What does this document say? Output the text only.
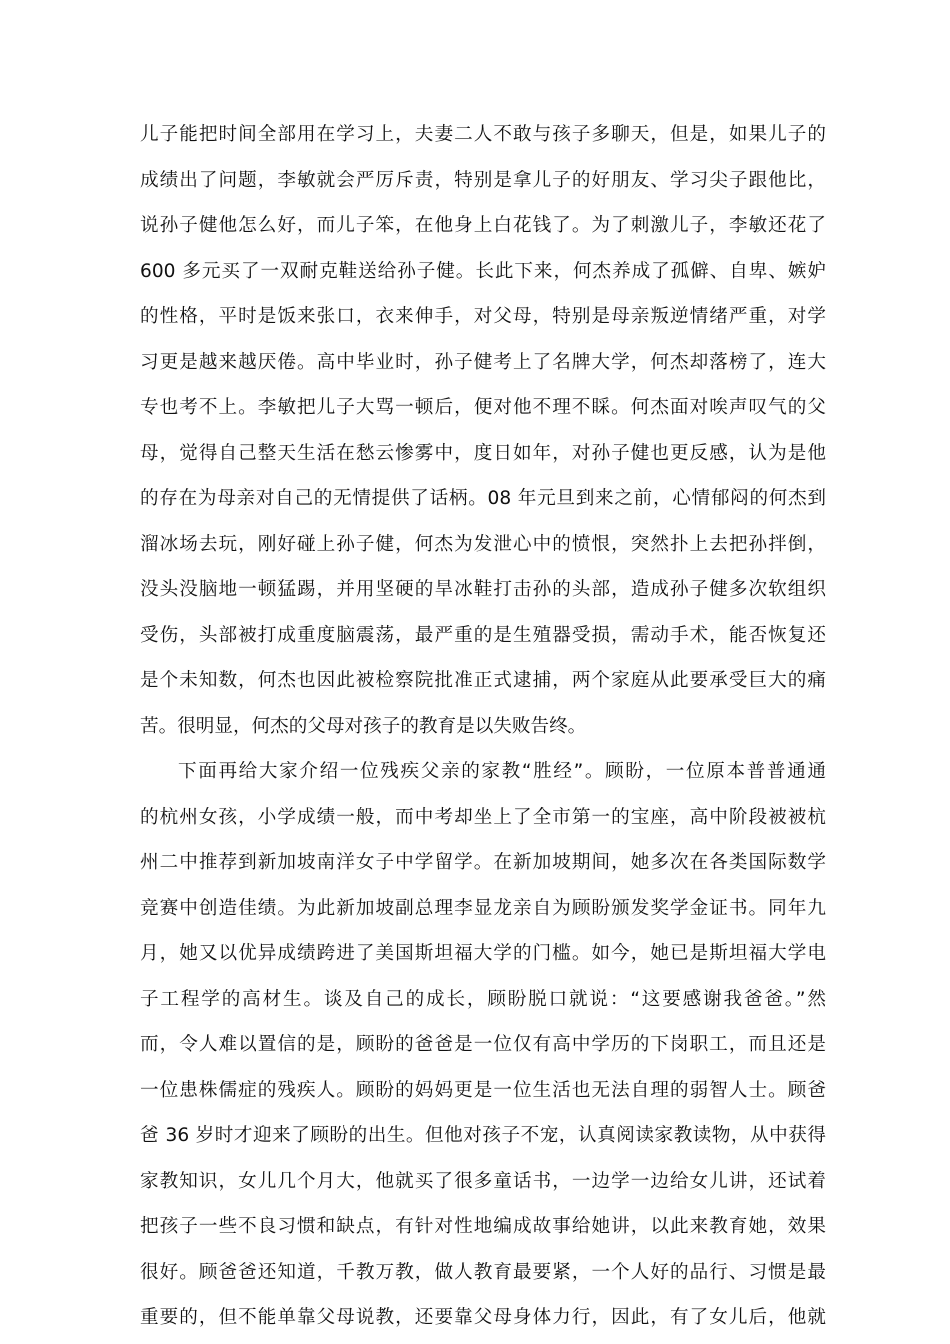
儿子能把时间全部用在学习上，夫妻二人不敢与孩子多聊天，但是，如果儿子的
成绩出了问题，李敏就会严厉斥责，特别是拿儿子的好朋友、学习尖子跟他比，
说孙子健他怎么好，而儿子笨，在他身上白花钱了。为了刺激儿子，李敏还花了
600 多元买了一双耐克鞋送给孙子健。长此下来，何杰养成了孤僻、自卑、嫉妒
的性格，平时是饭来张口，衣来伸手，对父母，特别是母亲叛逆情绪严重，对学
习更是越来越厌倦。高中毕业时，孙子健考上了名牌大学，何杰却落榜了，连大
专也考不上。李敏把儿子大骂一顿后，便对他不理不睬。何杰面对唉声叹气的父
母，觉得自己整天生活在愁云惨雾中，度日如年，对孙子健也更反感，认为是他
的存在为母亲对自己的无情提供了话柄。08 年元旦到来之前，心情郁闷的何杰到
溜冰场去玩，刚好碰上孙子健，何杰为发泄心中的愤恨，突然扑上去把孙拌倒，
没头没脑地一顿猛踢，并用坚硬的旱冰鞋打击孙的头部，造成孙子健多次软组织
受伤，头部被打成重度脑震荡，最严重的是生殖器受损，需动手术，能否恢复还
是个未知数，何杰也因此被检察院批准正式逮捕，两个家庭从此要承受巨大的痛
苦。很明显，何杰的父母对孩子的教育是以失败告终。
下面再给大家介绍一位残疾父亲的家教“胜经”。顾盼，一位原本普普通通
的杭州女孩，小学成绩一般，而中考却坐上了全市第一的宝座，高中阶段被被杭
州二中推荐到新加坡南洋女子中学留学。在新加坡期间，她多次在各类国际数学
竞赛中创造佳绩。为此新加坡副总理李显龙亲自为顾盼颁发奖学金证书。同年九
月，她又以优异成绩跨进了美国斯坦福大学的门槛。如今，她已是斯坦福大学电
子工程学的高材生。谈及自己的成长，顾盼脱口就说：“这要感谢我爸爸。”然
而，令人难以置信的是，顾盼的爸爸是一位仅有高中学历的下岗职工，而且还是
一位患株儒症的残疾人。顾盼的妈妈更是一位生活也无法自理的弱智人士。顾爸
爸 36 岁时才迎来了顾盼的出生。但他对孩子不宠，认真阅读家教读物，从中获得
家教知识，女儿几个月大，他就买了很多童话书，一边学一边给女儿讲，还试着
把孩子一些不良习惯和缺点，有针对性地编成故事给她讲，以此来教育她，效果
很好。顾爸爸还知道，千教万教，做人教育最要紧，一个人好的品行、习惯是最
重要的，但不能单靠父母说教，还要靠父母身体力行，因此，有了女儿后，他就
